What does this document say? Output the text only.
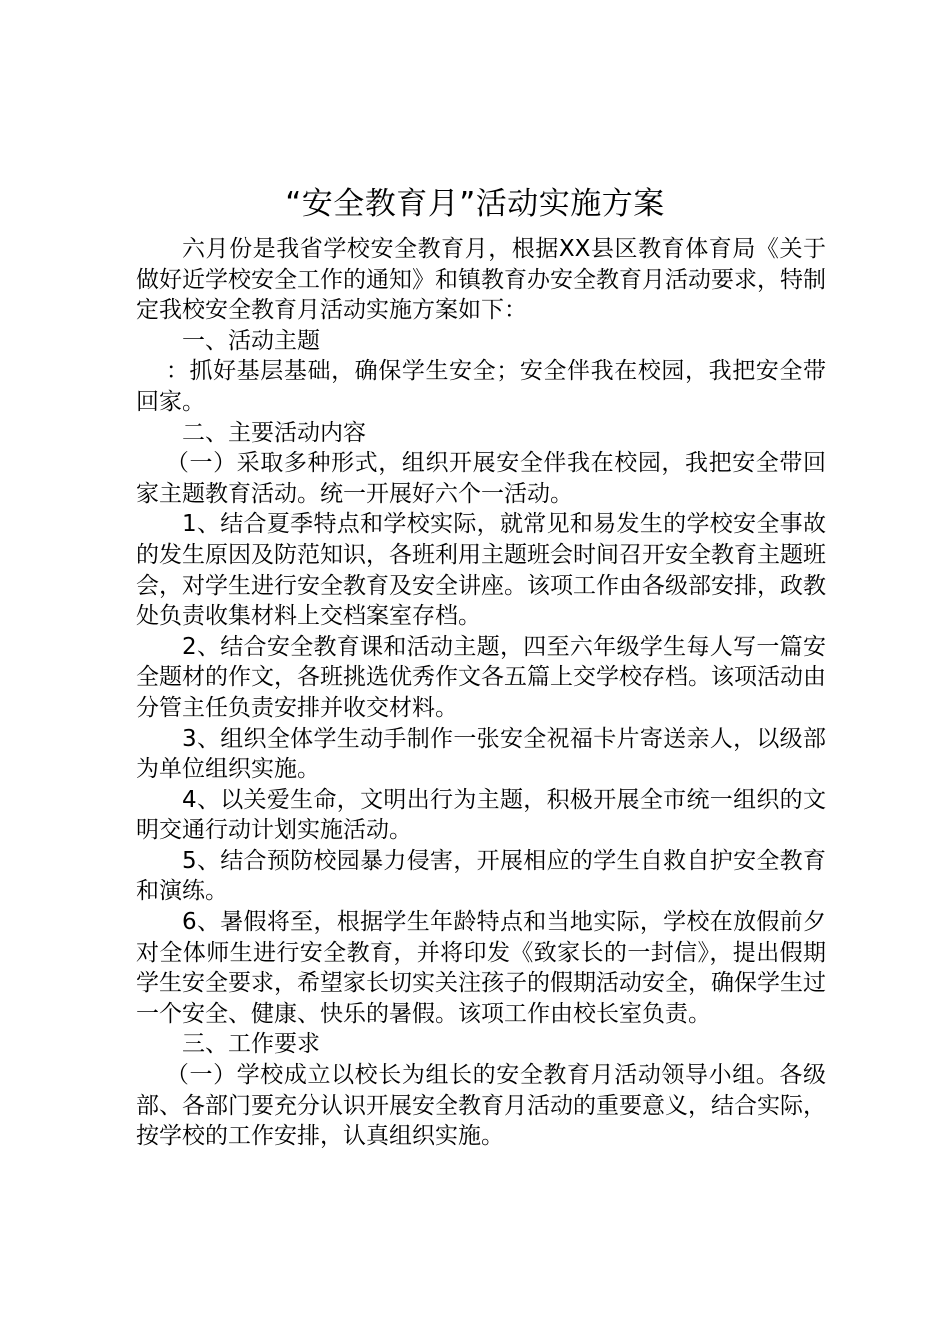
“安全教育月”活动实施方案

六月份是我省学校安全教育月，根据XX县区教育体育局《关于做好近学校安全工作的通知》和镇教育办安全教育月活动要求，特制定我校安全教育月活动实施方案如下：

一、活动主题

：抓好基层基础，确保学生安全；安全伴我在校园，我把安全带回家。

二、主要活动内容

（一）采取多种形式，组织开展安全伴我在校园，我把安全带回家主题教育活动。统一开展好六个一活动。

1、结合夏季特点和学校实际，就常见和易发生的学校安全事故的发生原因及防范知识，各班利用主题班会时间召开安全教育主题班会，对学生进行安全教育及安全讲座。该项工作由各级部安排，政教处负责收集材料上交档案室存档。

2、结合安全教育课和活动主题，四至六年级学生每人写一篇安全题材的作文，各班挑选优秀作文各五篇上交学校存档。该项活动由分管主任负责安排并收交材料。

3、组织全体学生动手制作一张安全祝福卡片寄送亲人，以级部为单位组织实施。

4、以关爱生命，文明出行为主题，积极开展全市统一组织的文明交通行动计划实施活动。

5、结合预防校园暴力侵害，开展相应的学生自救自护安全教育和演练。

6、暑假将至，根据学生年龄特点和当地实际，学校在放假前夕对全体师生进行安全教育，并将印发《致家长的一封信》，提出假期学生安全要求，希望家长切实关注孩子的假期活动安全，确保学生过一个安全、健康、快乐的暑假。该项工作由校长室负责。

三、工作要求

（一）学校成立以校长为组长的安全教育月活动领导小组。各级部、各部门要充分认识开展安全教育月活动的重要意义，结合实际，按学校的工作安排，认真组织实施。
